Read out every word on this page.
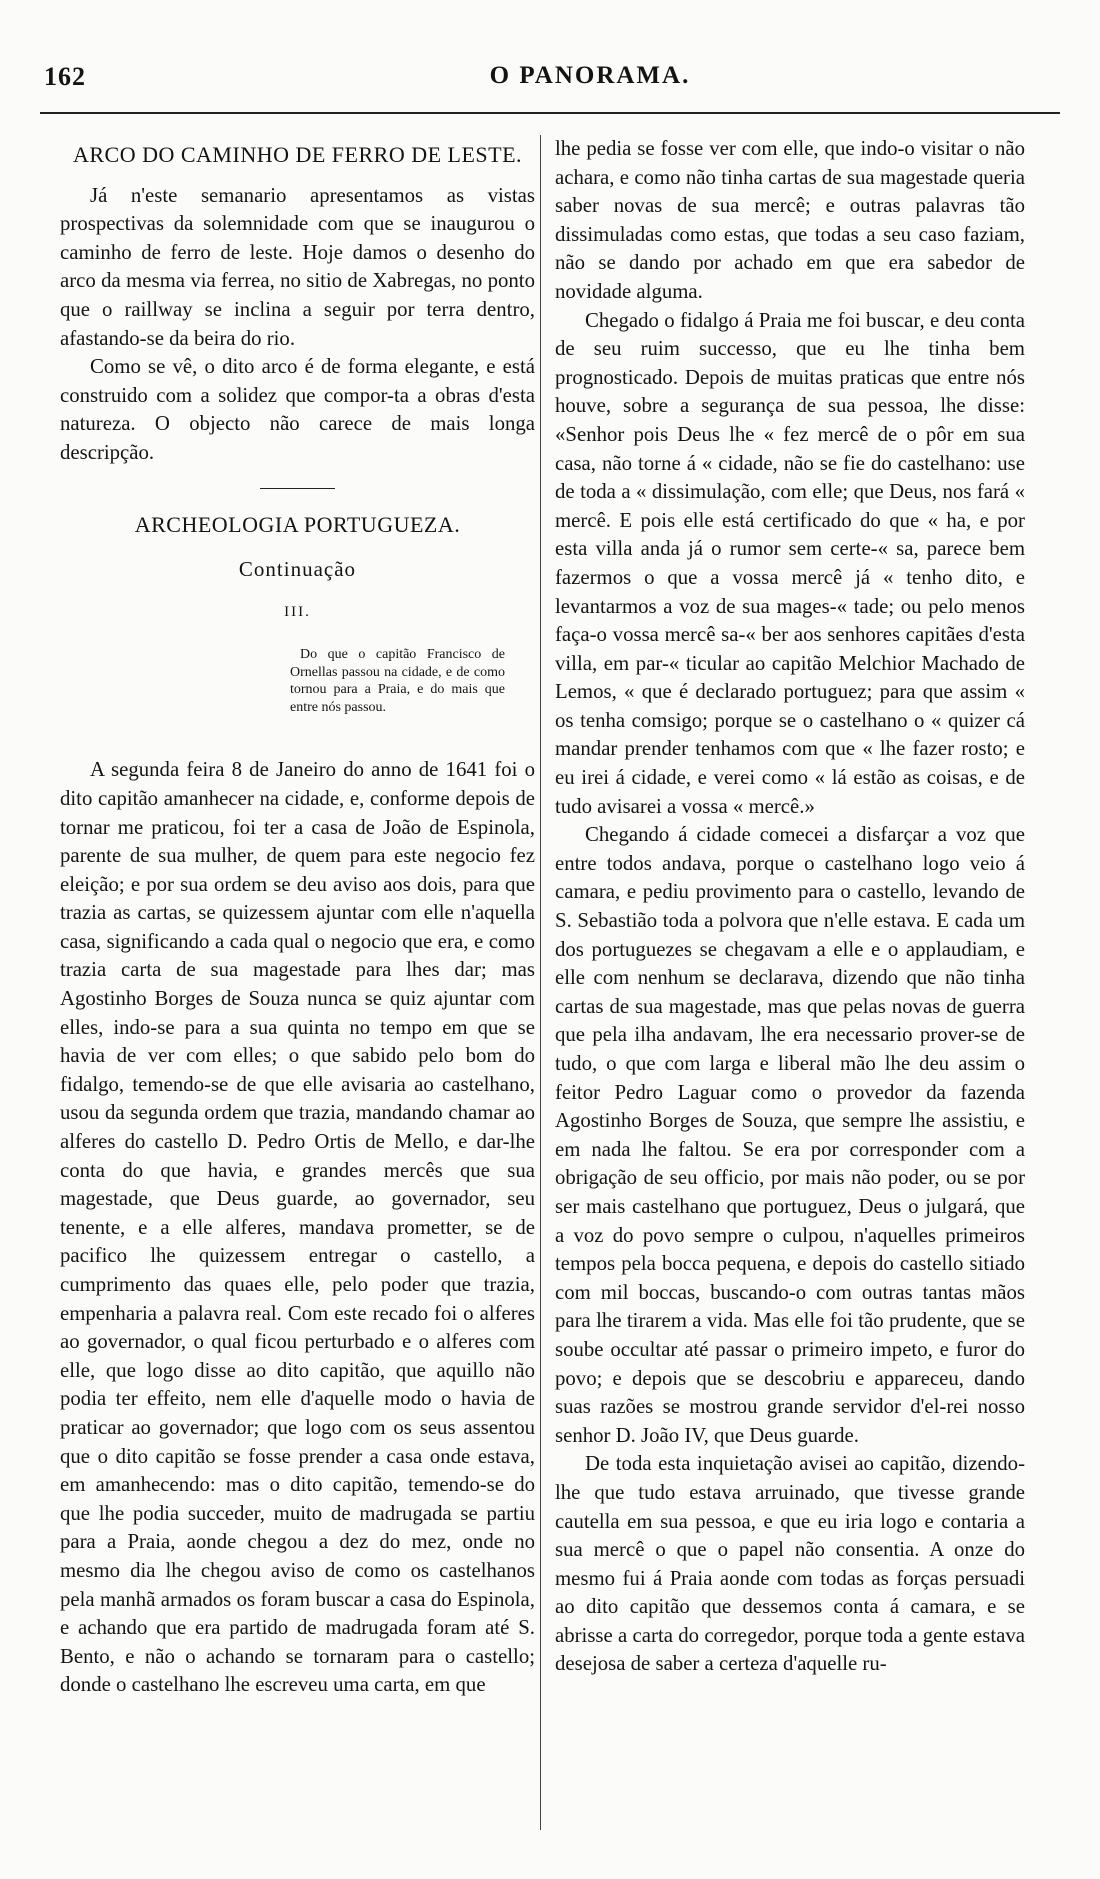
162	O PANORAMA.
ARCO DO CAMINHO DE FERRO DE LESTE.

Já n'este semanario apresentamos as vistas prospectivas da solemnidade com que se inaugurou o caminho de ferro de leste. Hoje damos o desenho do arco da mesma via ferrea, no sitio de Xabregas, no ponto que o raillway se inclina a seguir por terra dentro, afastando-se da beira do rio.

Como se vê, o dito arco é de forma elegante, e está construido com a solidez que compor-ta a obras d'esta natureza. O objecto não carece de mais longa descripção.

ARCHEOLOGIA PORTUGUEZA.
Continuação
III.
Do que o capitão Francisco de Ornellas passou na cidade, e de como tornou para a Praia, e do mais que entre nós passou.

A segunda feira 8 de Janeiro do anno de 1641 foi o dito capitão amanhecer na cidade, e, conforme depois de tornar me praticou, foi ter a casa de João de Espinola, parente de sua mulher, de quem para este negocio fez eleição; e por sua ordem se deu aviso aos dois, para que trazia as cartas, se quizessem ajuntar com elle n'aquella casa, significando a cada qual o negocio que era, e como trazia carta de sua magestade para lhes dar; mas Agostinho Borges de Souza nunca se quiz ajuntar com elles, indo-se para a sua quinta no tempo em que se havia de ver com elles; o que sabido pelo bom do fidalgo, temendo-se de que elle avisaria ao castelhano, usou da segunda ordem que trazia, mandando chamar ao alferes do castello D. Pedro Ortis de Mello, e dar-lhe conta do que havia, e grandes mercês que sua magestade, que Deus guarde, ao governador, seu tenente, e a elle alferes, mandava prometter, se de pacifico lhe quizessem entregar o castello, a cumprimento das quaes elle, pelo poder que trazia, empenharia a palavra real. Com este recado foi o alferes ao governador, o qual ficou perturbado e o alferes com elle, que logo disse ao dito capitão, que aquillo não podia ter effeito, nem elle d'aquelle modo o havia de praticar ao governador; que logo com os seus assentou que o dito capitão se fosse prender a casa onde estava, em amanhecendo: mas o dito capitão, temendo-se do que lhe podia succeder, muito de madrugada se partiu para a Praia, aonde chegou a dez do mez, onde no mesmo dia lhe chegou aviso de como os castelhanos pela manhã armados os foram buscar a casa do Espinola, e achando que era partido de madrugada foram até S. Bento, e não o achando se tornaram para o castello; donde o castelhano lhe escreveu uma carta, em que

lhe pedia se fosse ver com elle, que indo-o visitar o não achara, e como não tinha cartas de sua magestade queria saber novas de sua mercê; e outras palavras tão dissimuladas como estas, que todas a seu caso faziam, não se dando por achado em que era sabedor de novidade alguma.

Chegado o fidalgo á Praia me foi buscar, e deu conta de seu ruim successo, que eu lhe tinha bem prognosticado. Depois de muitas praticas que entre nós houve, sobre a segurança de sua pessoa, lhe disse: «Senhor pois Deus lhe « fez mercê de o pôr em sua casa, não torne á « cidade, não se fie do castelhano: use de toda a « dissimulação, com elle; que Deus, nos fará « mercê. E pois elle está certificado do que « ha, e por esta villa anda já o rumor sem certe-« sa, parece bem fazermos o que a vossa mercê já « tenho dito, e levantarmos a voz de sua mages-« tade; ou pelo menos faça-o vossa mercê sa-« ber aos senhores capitães d'esta villa, em par-« ticular ao capitão Melchior Machado de Lemos, « que é declarado portuguez; para que assim « os tenha comsigo; porque se o castelhano o « quizer cá mandar prender tenhamos com que « lhe fazer rosto; e eu irei á cidade, e verei como « lá estão as coisas, e de tudo avisarei a vossa « mercê.»

Chegando á cidade comecei a disfarçar a voz que entre todos andava, porque o castelhano logo veio á camara, e pediu provimento para o castello, levando de S. Sebastião toda a polvora que n'elle estava. E cada um dos portuguezes se chegavam a elle e o applaudiam, e elle com nenhum se declarava, dizendo que não tinha cartas de sua magestade, mas que pelas novas de guerra que pela ilha andavam, lhe era necessario prover-se de tudo, o que com larga e liberal mão lhe deu assim o feitor Pedro Laguar como o provedor da fazenda Agostinho Borges de Souza, que sempre lhe assistiu, e em nada lhe faltou. Se era por corresponder com a obrigação de seu officio, por mais não poder, ou se por ser mais castelhano que portuguez, Deus o julgará, que a voz do povo sempre o culpou, n'aquelles primeiros tempos pela bocca pequena, e depois do castello sitiado com mil boccas, buscando-o com outras tantas mãos para lhe tirarem a vida. Mas elle foi tão prudente, que se soube occultar até passar o primeiro impeto, e furor do povo; e depois que se descobriu e appareceu, dando suas razões se mostrou grande servidor d'el-rei nosso senhor D. João IV, que Deus guarde.

De toda esta inquietação avisei ao capitão, dizendo-lhe que tudo estava arruinado, que tivesse grande cautella em sua pessoa, e que eu iria logo e contaria a sua mercê o que o papel não consentia. A onze do mesmo fui á Praia aonde com todas as forças persuadi ao dito capitão que dessemos conta á camara, e se abrisse a carta do corregedor, porque toda a gente estava desejosa de saber a certeza d'aquelle ru-
